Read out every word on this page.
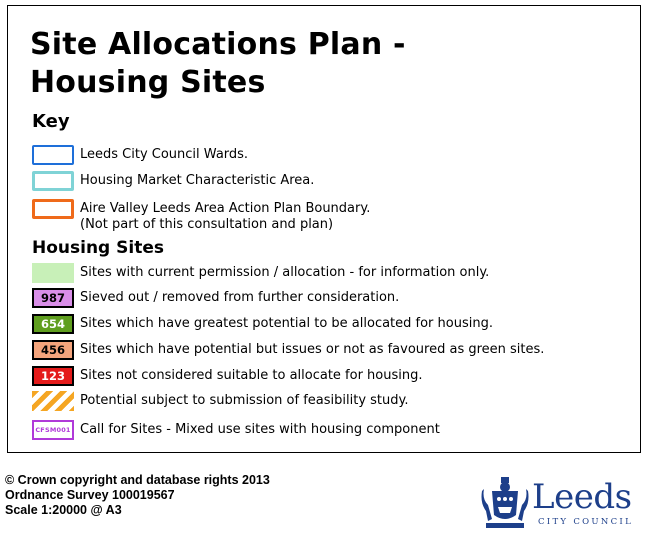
Site Allocations Plan -
Housing Sites
Key
Leeds City Council Wards.
Housing Market Characteristic Area.
Aire Valley Leeds Area Action Plan Boundary.
(Not part of this consultation and plan)
Housing Sites
Sites with current permission / allocation - for information only.
987	Sieved out / removed from further consideration.
654	Sites which have greatest potential to be allocated for housing.
456	Sites which have potential but issues or not as favoured as green sites.
123	Sites not considered suitable to allocate for housing.
Potential subject to submission of feasibility study.
CFSM001 Call for Sites - Mixed use sites with housing component
© Crown copyright and database rights 2013
Ordnance Survey 100019567
Scale 1:20000 @ A3	Leeds
CITY COUNCIL
